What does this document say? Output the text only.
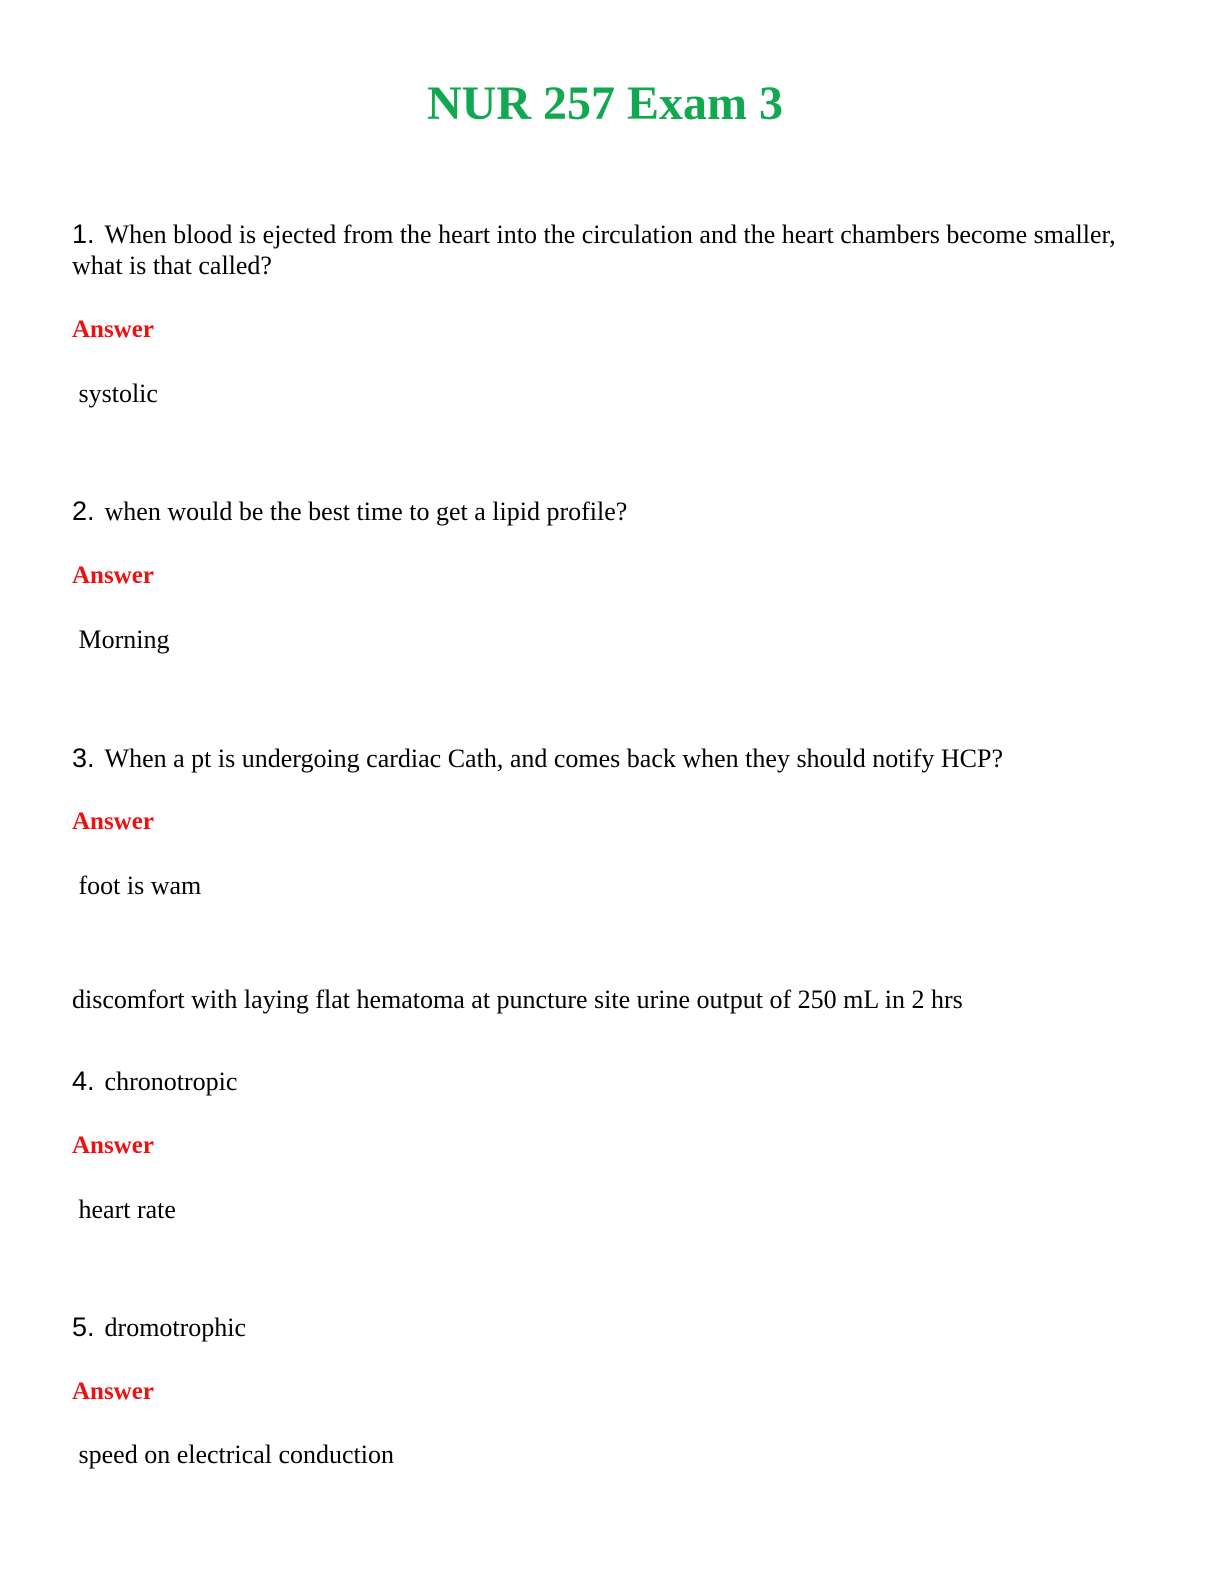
NUR 257 Exam 3
1. When blood is ejected from the heart into the circulation and the heart chambers become smaller, what is that called?
Answer
systolic
2. when would be the best time to get a lipid profile?
Answer
Morning
3. When a pt is undergoing cardiac Cath, and comes back when they should notify HCP?
Answer
foot is wam
discomfort with laying flat hematoma at puncture site urine output of 250 mL in 2 hrs
4. chronotropic
Answer
heart rate
5. dromotrophic
Answer
speed on electrical conduction
